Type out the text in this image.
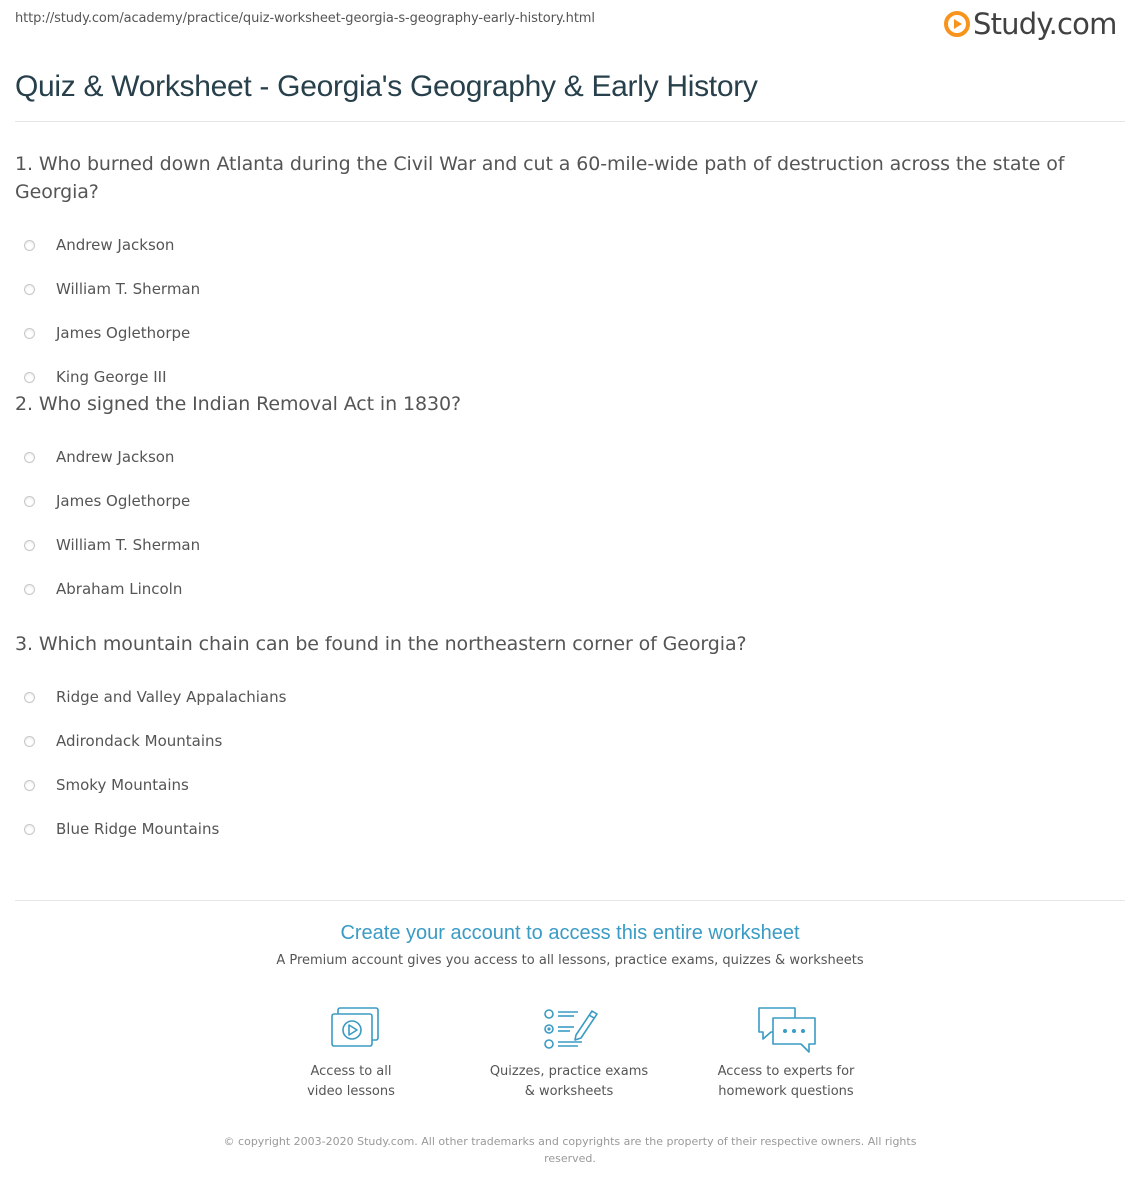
http://study.com/academy/practice/quiz-worksheet-georgia-s-geography-early-history.html	Study.com
Quiz & Worksheet - Georgia's Geography & Early History
1. Who burned down Atlanta during the Civil War and cut a 60-mile-wide path of destruction across the state of Georgia?
Andrew Jackson
William T. Sherman
James Oglethorpe
King George III
2. Who signed the Indian Removal Act in 1830?
Andrew Jackson
James Oglethorpe
William T. Sherman
Abraham Lincoln
3. Which mountain chain can be found in the northeastern corner of Georgia?
Ridge and Valley Appalachians
Adirondack Mountains
Smoky Mountains
Blue Ridge Mountains
Create your account to access this entire worksheet
A Premium account gives you access to all lessons, practice exams, quizzes & worksheets
Access to all
video lessons
Quizzes, practice exams
& worksheets
Access to experts for
homework questions
© copyright 2003-2020 Study.com. All other trademarks and copyrights are the property of their respective owners. All rights reserved.
